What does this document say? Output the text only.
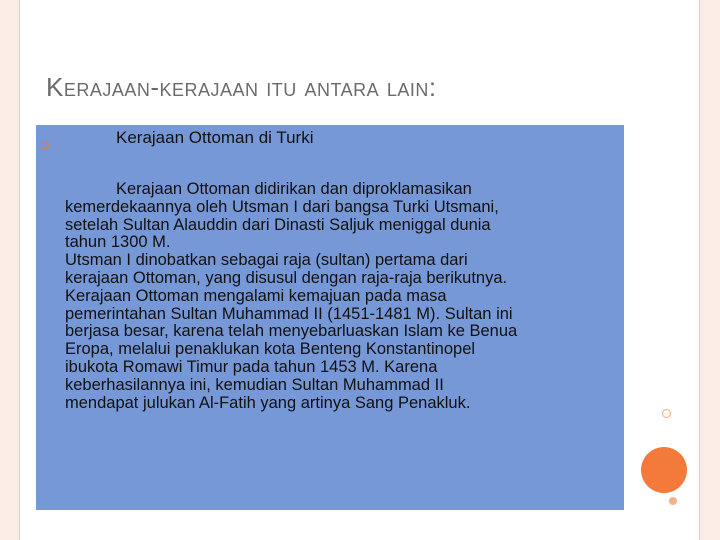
Kerajaan-kerajaan itu antara lain:
Kerajaan Ottoman di Turki
Kerajaan Ottoman didirikan dan diproklamasikan
kemerdekaannya oleh Utsman I dari bangsa Turki Utsmani,
setelah Sultan Alauddin dari Dinasti Saljuk meniggal dunia
tahun 1300 M.
Utsman I dinobatkan sebagai raja (sultan) pertama dari
kerajaan Ottoman, yang disusul dengan raja-raja berikutnya.
Kerajaan Ottoman mengalami kemajuan pada masa
pemerintahan Sultan Muhammad II (1451-1481 M). Sultan ini
berjasa besar, karena telah menyebarluaskan Islam ke Benua
Eropa, melalui penaklukan kota Benteng Konstantinopel
ibukota Romawi Timur pada tahun 1453 M. Karena
keberhasilannya ini, kemudian Sultan Muhammad II
mendapat julukan Al-Fatih yang artinya Sang Penakluk.
